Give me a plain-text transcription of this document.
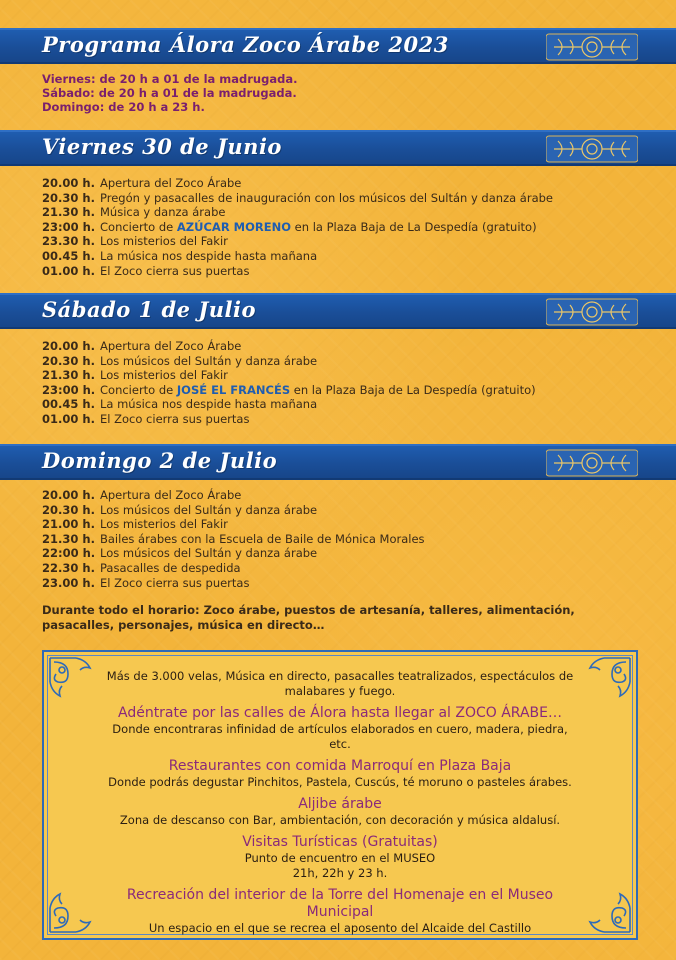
Programa Álora Zoco Árabe 2023
Viernes: de 20 h a 01 de la madrugada.
Sábado: de 20 h a 01 de la madrugada.
Domingo: de 20 h a 23 h.
Viernes 30 de Junio
20.00 h. Apertura del Zoco Árabe
20.30 h. Pregón y pasacalles de inauguración con los músicos del Sultán y danza árabe
21.30 h. Música y danza árabe
23:00 h. Concierto de AZÚCAR MORENO en la Plaza Baja de La Despedía (gratuito)
23.30 h. Los misterios del Fakir
00.45 h. La música nos despide hasta mañana
01.00 h. El Zoco cierra sus puertas
Sábado 1 de Julio
20.00 h. Apertura del Zoco Árabe
20.30 h. Los músicos del Sultán y danza árabe
21.30 h. Los misterios del Fakir
23:00 h. Concierto de JOSÉ EL FRANCÉS en la Plaza Baja de La Despedía (gratuito)
00.45 h. La música nos despide hasta mañana
01.00 h. El Zoco cierra sus puertas
Domingo 2 de Julio
20.00 h. Apertura del Zoco Árabe
20.30 h. Los músicos del Sultán y danza árabe
21.00 h. Los misterios del Fakir
21.30 h. Bailes árabes con la Escuela de Baile de Mónica Morales
22:00 h. Los músicos del Sultán y danza árabe
22.30 h. Pasacalles de despedida
23.00 h. El Zoco cierra sus puertas
Durante todo el horario: Zoco árabe, puestos de artesanía, talleres, alimentación, pasacalles, personajes, música en directo…
Más de 3.000 velas, Música en directo, pasacalles teatralizados, espectáculos de malabares y fuego.
Adéntrate por las calles de Álora hasta llegar al ZOCO ÁRABE…
Donde encontraras infinidad de artículos elaborados en cuero, madera, piedra, etc.
Restaurantes con comida Marroquí en Plaza Baja
Donde podrás degustar Pinchitos, Pastela, Cuscús, té moruno o pasteles árabes.
Aljibe árabe
Zona de descanso con Bar, ambientación, con decoración y música aldalusí.
Visitas Turísticas (Gratuitas)
Punto de encuentro en el MUSEO
21h, 22h y 23 h.
Recreación del interior de la Torre del Homenaje en el Museo Municipal
Un espacio en el que se recrea el aposento del Alcaide del Castillo
